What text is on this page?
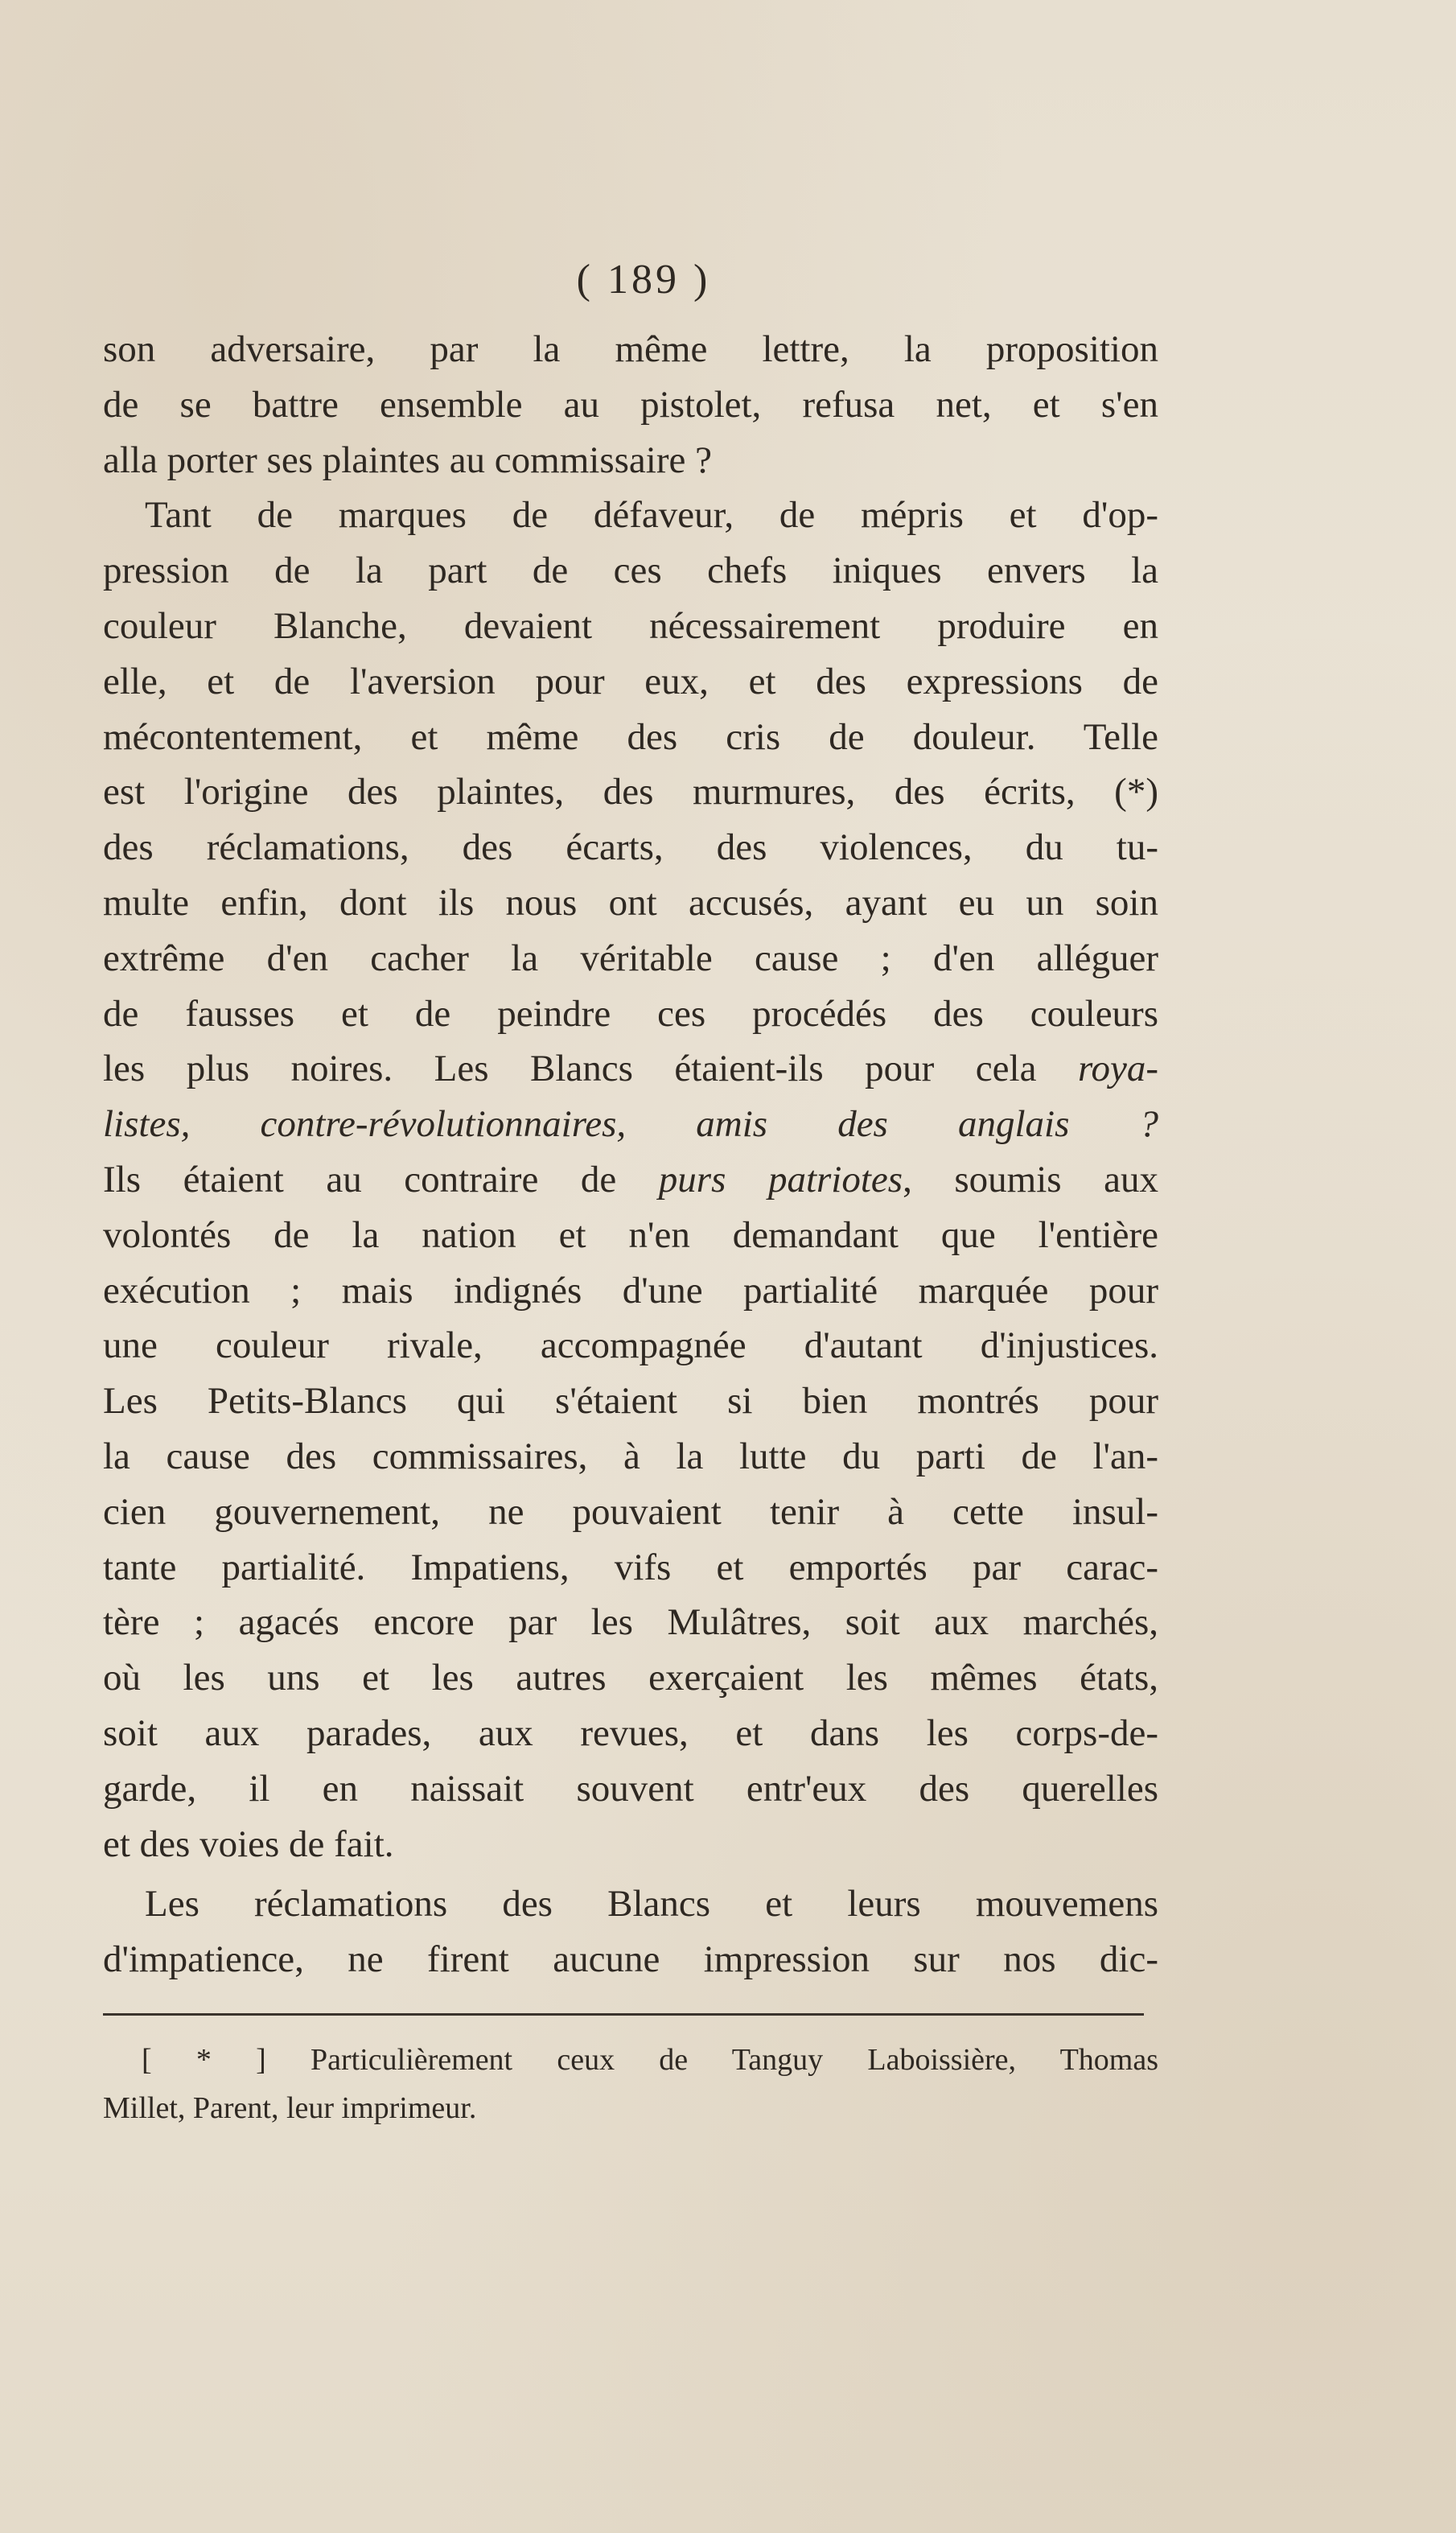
( 189 )
son adversaire, par la même lettre, la proposition
de se battre ensemble au pistolet, refusa net, et s'en
alla porter ses plaintes au commissaire ?
Tant de marques de défaveur, de mépris et d'op-
pression de la part de ces chefs iniques envers la
couleur Blanche, devaient nécessairement produire en
elle, et de l'aversion pour eux, et des expressions de
mécontentement, et même des cris de douleur. Telle
est l'origine des plaintes, des murmures, des écrits, (*)
des réclamations, des écarts, des violences, du tu-
multe enfin, dont ils nous ont accusés, ayant eu un soin
extrême d'en cacher la véritable cause ; d'en alléguer
de fausses et de peindre ces procédés des couleurs
les plus noires. Les Blancs étaient-ils pour cela roya-
listes, contre-révolutionnaires, amis des anglais ?
Ils étaient au contraire de purs patriotes, soumis aux
volontés de la nation et n'en demandant que l'entière
exécution ; mais indignés d'une partialité marquée pour
une couleur rivale, accompagnée d'autant d'injustices.
Les Petits-Blancs qui s'étaient si bien montrés pour
la cause des commissaires, à la lutte du parti de l'an-
cien gouvernement, ne pouvaient tenir à cette insul-
tante partialité. Impatiens, vifs et emportés par carac-
tère ; agacés encore par les Mulâtres, soit aux marchés,
où les uns et les autres exerçaient les mêmes états,
soit aux parades, aux revues, et dans les corps-de-
garde, il en naissait souvent entr'eux des querelles
et des voies de fait.
Les réclamations des Blancs et leurs mouvemens
d'impatience, ne firent aucune impression sur nos dic-
[ * ] Particulièrement ceux de Tanguy Laboissière, Thomas
Millet, Parent, leur imprimeur.
